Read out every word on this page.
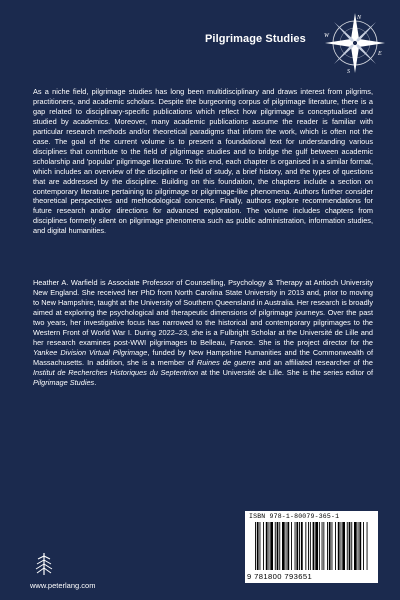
Pilgrimage Studies
N
E
S
W

As a niche field, pilgrimage studies has long been multidisciplinary and draws interest from pilgrims, practitioners, and academic scholars. Despite the burgeoning corpus of pilgrimage literature, there is a gap related to disciplinary-specific publications which reflect how pilgrimage is conceptualised and studied by academics. Moreover, many academic publications assume the reader is familiar with particular research methods and/or theoretical paradigms that inform the work, which is often not the case. The goal of the current volume is to present a foundational text for understanding various disciplines that contribute to the field of pilgrimage studies and to bridge the gulf between academic scholarship and 'popular' pilgrimage literature. To this end, each chapter is organised in a similar format, which includes an overview of the discipline or field of study, a brief history, and the types of questions that are addressed by the discipline. Building on this foundation, the chapters include a section on contemporary literature pertaining to pilgrimage or pilgrimage-like phenomena. Authors further consider theoretical perspectives and methodological concerns. Finally, authors explore recommendations for future research and/or directions for advanced exploration. The volume includes chapters from disciplines formerly silent on pilgrimage phenomena such as public administration, information studies, and digital humanities.

Heather A. Warfield is Associate Professor of Counselling, Psychology & Therapy at Antioch University New England. She received her PhD from North Carolina State University in 2013 and, prior to moving to New Hampshire, taught at the University of Southern Queensland in Australia. Her research is broadly aimed at exploring the psychological and therapeutic dimensions of pilgrimage journeys. Over the past two years, her investigative focus has narrowed to the historical and contemporary pilgrimages to the Western Front of World War I. During 2022–23, she is a Fulbright Scholar at the Université de Lille and her research examines post-WWI pilgrimages to Belleau, France. She is the project director for the Yankee Division Virtual Pilgrimage, funded by New Hampshire Humanities and the Commonwealth of Massachusetts. In addition, she is a member of Ruines de guerre and an affiliated researcher of the Institut de Recherches Historiques du Septentrion at the Université de Lille. She is the series editor of Pilgrimage Studies.

ISBN 978-1-80079-365-1
9 781800 793651
www.peterlang.com
